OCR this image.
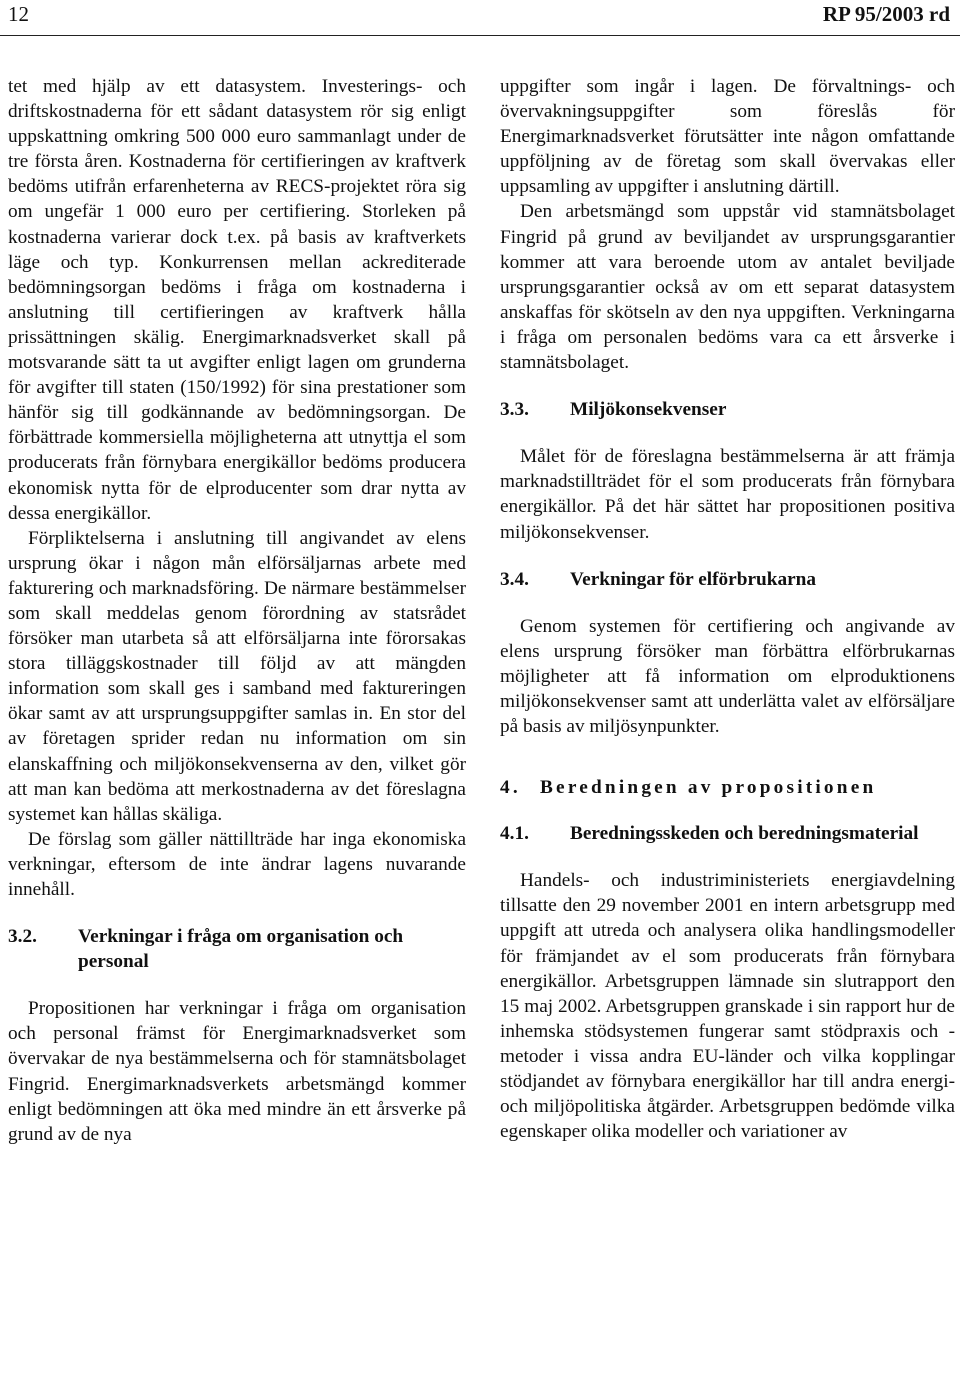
12	RP 95/2003 rd

tet med hjälp av ett datasystem. Investerings- och driftskostnaderna för ett sådant datasystem rör sig enligt uppskattning omkring 500 000 euro sammanlagt under de tre första åren. Kostnaderna för certifieringen av kraftverk bedöms utifrån erfarenheterna av RECS-projektet röra sig om ungefär 1 000 euro per certifiering. Storleken på kostnaderna varierar dock t.ex. på basis av kraftverkets läge och typ. Konkurrensen mellan ackrediterade bedömningsorgan bedöms i fråga om kostnaderna i anslutning till certifieringen av kraftverk hålla prissättningen skälig. Energimarknadsverket skall på motsvarande sätt ta ut avgifter enligt lagen om grunderna för avgifter till staten (150/1992) för sina prestationer som hänför sig till godkännande av bedömningsorgan. De förbättrade kommersiella möjligheterna att utnyttja el som producerats från förnybara energikällor bedöms producera ekonomisk nytta för de elproducenter som drar nytta av dessa energikällor.

Förpliktelserna i anslutning till angivandet av elens ursprung ökar i någon mån elförsäljarnas arbete med fakturering och marknadsföring. De närmare bestämmelser som skall meddelas genom förordning av statsrådet försöker man utarbeta så att elförsäljarna inte förorsakas stora tilläggskostnader till följd av att mängden information som skall ges i samband med faktureringen ökar samt av att ursprungsuppgifter samlas in. En stor del av företagen sprider redan nu information om sin elanskaffning och miljökonsekvenserna av den, vilket gör att man kan bedöma att merkostnaderna av det föreslagna systemet kan hållas skäliga.

De förslag som gäller nättillträde har inga ekonomiska verkningar, eftersom de inte ändrar lagens nuvarande innehåll.

3.2.	Verkningar i fråga om organisation och personal

Propositionen har verkningar i fråga om organisation och personal främst för Energimarknadsverket som övervakar de nya bestämmelserna och för stamnätsbolaget Fingrid. Energimarknadsverkets arbetsmängd kommer enligt bedömningen att öka med mindre än ett årsverke på grund av de nya

uppgifter som ingår i lagen. De förvaltnings- och övervakningsuppgifter som föreslås för Energimarknadsverket förutsätter inte någon omfattande uppföljning av de företag som skall övervakas eller uppsamling av uppgifter i anslutning därtill.

Den arbetsmängd som uppstår vid stamnätsbolaget Fingrid på grund av beviljandet av ursprungsgarantier kommer att vara beroende utom av antalet beviljade ursprungsgarantier också av om ett separat datasystem anskaffas för skötseln av den nya uppgiften. Verkningarna i fråga om personalen bedöms vara ca ett årsverke i stamnätsbolaget.

3.3.	Miljökonsekvenser

Målet för de föreslagna bestämmelserna är att främja marknadstillträdet för el som producerats från förnybara energikällor. På det här sättet har propositionen positiva miljökonsekvenser.

3.4.	Verkningar för elförbrukarna

Genom systemen för certifiering och angivande av elens ursprung försöker man förbättra elförbrukarnas möjligheter att få information om elproduktionens miljökonsekvenser samt att underlätta valet av elförsäljare på basis av miljösynpunkter.

4. Beredningen av propositionen
4.1.	Beredningsskeden och beredningsmaterial

Handels- och industriministeriets energiavdelning tillsatte den 29 november 2001 en intern arbetsgrupp med uppgift att utreda och analysera olika handlingsmodeller för främjandet av el som producerats från förnybara energikällor. Arbetsgruppen lämnade sin slutrapport den 15 maj 2002. Arbetsgruppen granskade i sin rapport hur de inhemska stödsystemen fungerar samt stödpraxis och -metoder i vissa andra EU-länder och vilka kopplingar stödjandet av förnybara energikällor har till andra energi- och miljöpolitiska åtgärder. Arbetsgruppen bedömde vilka egenskaper olika modeller och variationer av
